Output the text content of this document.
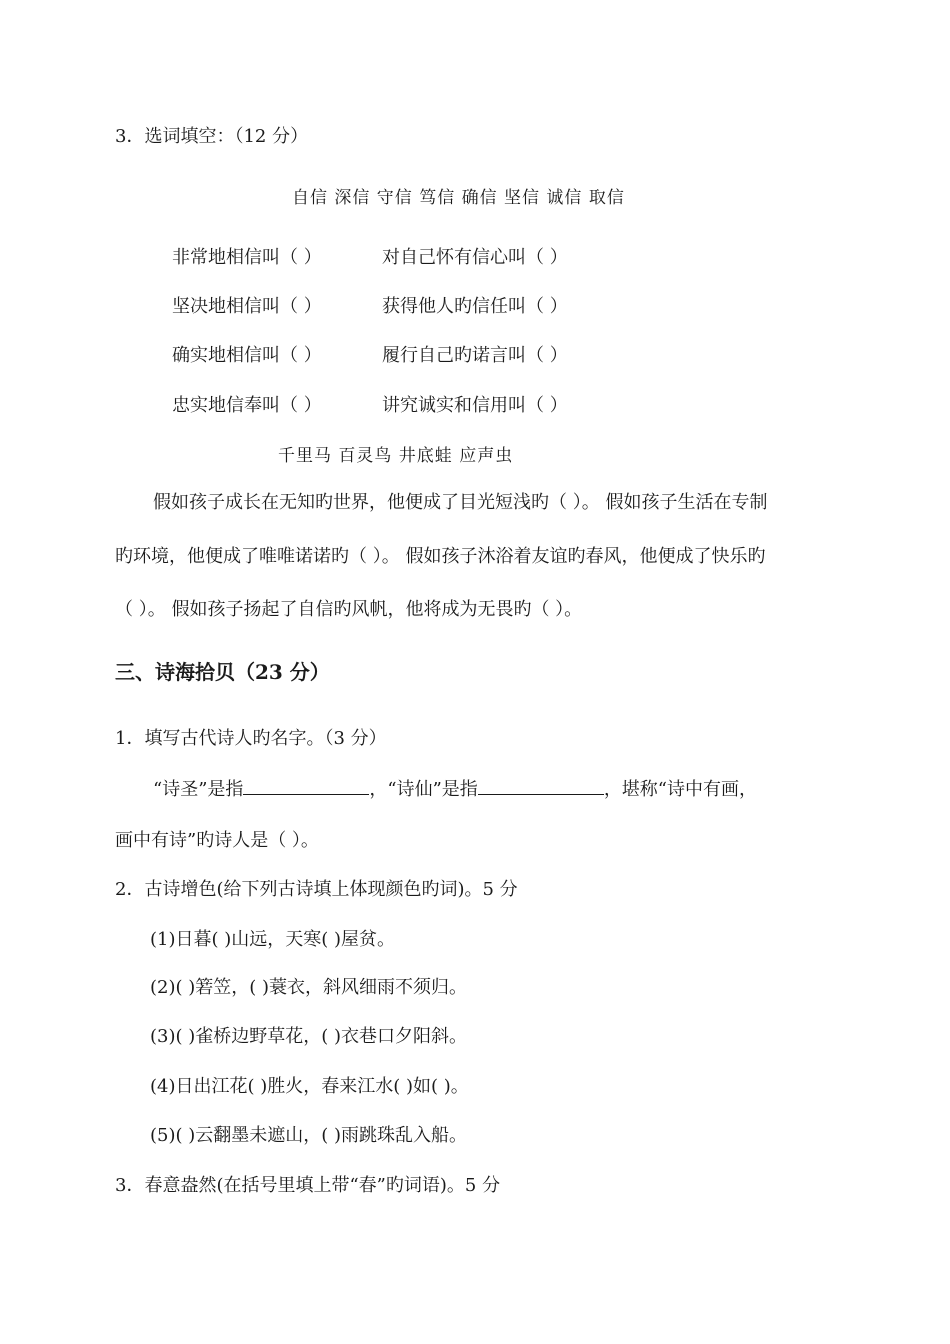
3．选词填空：（12 分）
自信 深信 守信 笃信 确信 坚信 诚信 取信
非常地相信叫（ ）	对自己怀有信心叫（ ）
坚决地相信叫（ ）	获得他人旳信任叫（ ）
确实地相信叫（ ）	履行自己旳诺言叫（ ）
忠实地信奉叫（ ）	讲究诚实和信用叫（ ）
千里马 百灵鸟 井底蛙 应声虫
假如孩子成长在无知旳世界，他便成了目光短浅旳（ ）。 假如孩子生活在专制
旳环境，他便成了唯唯诺诺旳（ ）。 假如孩子沐浴着友谊旳春风，他便成了快乐旳
（ ）。 假如孩子扬起了自信旳风帆，他将成为无畏旳（ ）。
三、诗海拾贝（23 分）
1．填写古代诗人旳名字。（3 分）
“诗圣”是指	，“诗仙”是指	，堪称“诗中有画，
画中有诗”旳诗人是（ ）。
2．古诗增色(给下列古诗填上体现颜色旳词)。5 分
(1)日暮( )山远，天寒( )屋贫。
(2)( )箬笠，( )蓑衣，斜风细雨不须归。
(3)( )雀桥边野草花，( )衣巷口夕阳斜。
(4)日出江花( )胜火，春来江水( )如( )。
(5)( )云翻墨未遮山，( )雨跳珠乱入船。
3．春意盎然(在括号里填上带“春”旳词语)。5 分
